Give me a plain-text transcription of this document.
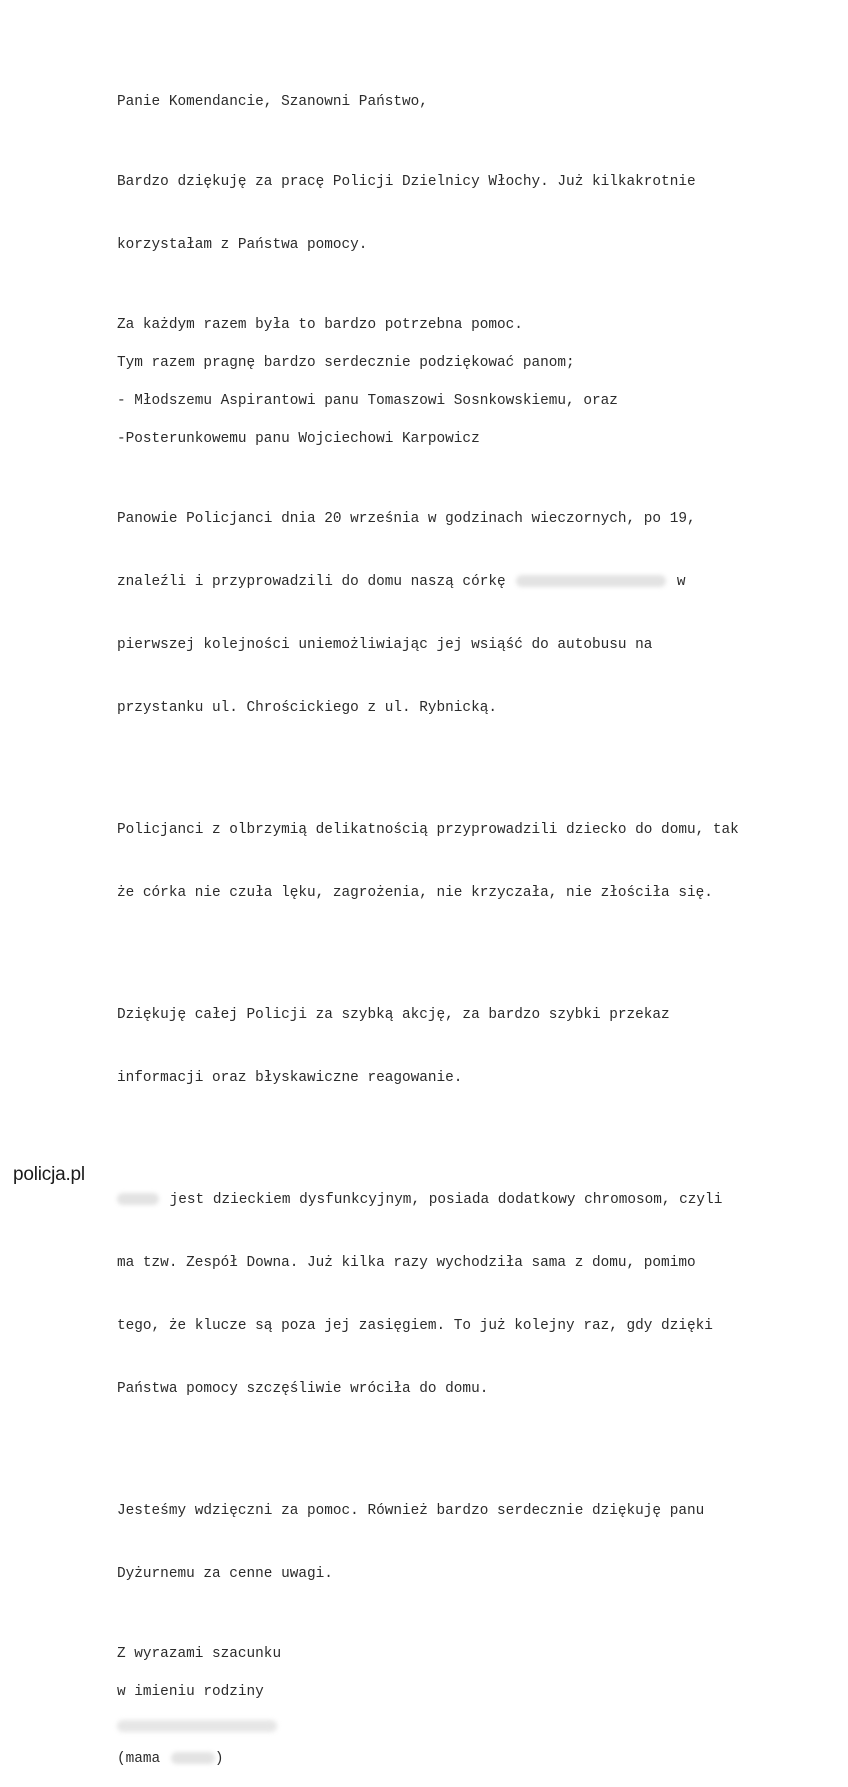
Panie Komendancie, Szanowni Państwo,

Bardzo dziękuję za pracę Policji Dzielnicy Włochy. Już kilkakrotnie

korzystałam z Państwa pomocy.

Za każdym razem była to bardzo potrzebna pomoc.

Tym razem pragnę bardzo serdecznie podziękować panom;

- Młodszemu Aspirantowi panu Tomaszowi Sosnkowskiemu, oraz

-Posterunkowemu panu Wojciechowi Karpowicz

Panowie Policjanci dnia 20 września w godzinach wieczornych, po 19,

znaleźli i przyprowadzili do domu naszą córkę	w

pierwszej kolejności uniemożliwiając jej wsiąść do autobusu na

przystanku ul. Chrościckiego z ul. Rybnicką.

Policjanci z olbrzymią delikatnością przyprowadzili dziecko do domu, tak

że córka nie czuła lęku, zagrożenia, nie krzyczała, nie złościła się.

Dziękuję całej Policji za szybką akcję, za bardzo szybki przekaz

informacji oraz błyskawiczne reagowanie.

jest dzieckiem dysfunkcyjnym, posiada dodatkowy chromosom, czyli

ma tzw. Zespół Downa. Już kilka razy wychodziła sama z domu, pomimo

tego, że klucze są poza jej zasięgiem. To już kolejny raz, gdy dzięki

Państwa pomocy szczęśliwie wróciła do domu.

Jesteśmy wdzięczni za pomoc. Również bardzo serdecznie dziękuję panu

Dyżurnemu za cenne uwagi.

Z wyrazami szacunku

w imieniu rodziny

(mama	)

policja.pl
